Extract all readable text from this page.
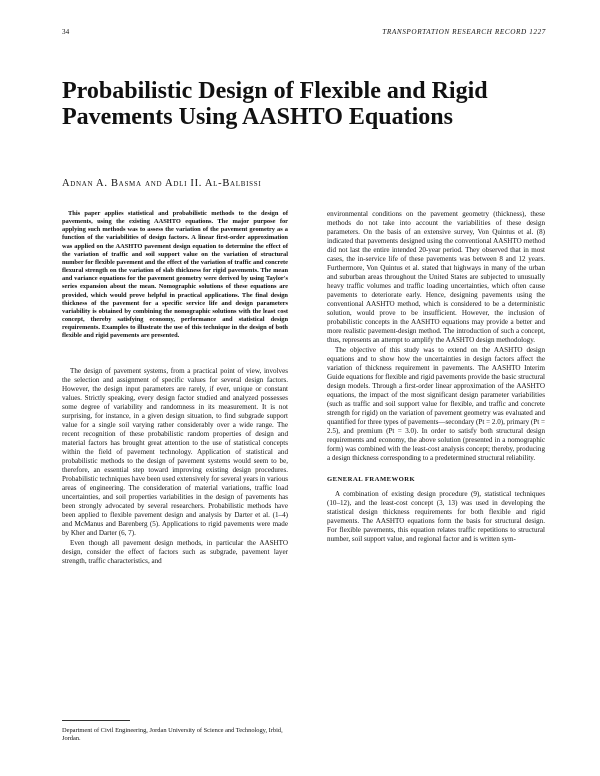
34	TRANSPORTATION RESEARCH RECORD 1227
Probabilistic Design of Flexible and Rigid Pavements Using AASHTO Equations
Adnan A. Basma and Adli II. Al-Balbissi

This paper applies statistical and probabilistic methods to the design of pavements, using the existing AASHTO equations. The major purpose for applying such methods was to assess the variation of the pavement geometry as a function of the variabilities of design factors. A linear first-order approximation was applied on the AASHTO pavement design equation to determine the effect of the variation of traffic and soil support value on the variation of structural number for flexible pavement and the effect of the variation of traffic and concrete flexural strength on the variation of slab thickness for rigid pavements. The mean and variance equations for the pavement geometry were derived by using Taylor's series expansion about the mean. Nomographic solutions of these equations are provided, which would prove helpful in practical applications. The final design thickness of the pavement for a specific service life and design parameters variability is obtained by combining the nomographic solutions with the least cost concept, thereby satisfying economy, performance and statistical design requirements. Examples to illustrate the use of this technique in the design of both flexible and rigid pavements are presented.

The design of pavement systems, from a practical point of view, involves the selection and assignment of specific values for several design factors. However, the design input parameters are rarely, if ever, unique or constant values. Strictly speaking, every design factor studied and analyzed possesses some degree of variability and randomness in its measurement. It is not surprising, for instance, in a given design situation, to find subgrade support value for a single soil varying rather considerably over a wide range. The recent recognition of these probabilistic random properties of design and material factors has brought great attention to the use of statistical concepts within the field of pavement technology. Application of statistical and probabilistic methods to the design of pavement systems would seem to be, therefore, an essential step toward improving existing design procedures. Probabilistic techniques have been used extensively for several years in various areas of engineering. The consideration of material variations, traffic load uncertainties, and soil properties variabilities in the design of pavements has been strongly advocated by several researchers. Probabilistic methods have been applied to flexible pavement design and analysis by Darter et al. (1–4) and McManus and Barenberg (5). Applications to rigid pavements were made by Kher and Darter (6, 7).

Even though all pavement design methods, in particular the AASHTO design, consider the effect of factors such as subgrade, pavement layer strength, traffic characteristics, and

environmental conditions on the pavement geometry (thickness), these methods do not take into account the variabilities of these design parameters. On the basis of an extensive survey, Von Quintus et al. (8) indicated that pavements designed using the conventional AASHTO method did not last the entire intended 20-year period. They observed that in most cases, the in-service life of these pavements was between 8 and 12 years. Furthermore, Von Quintus et al. stated that highways in many of the urban and suburban areas throughout the United States are subjected to unusually heavy traffic volumes and traffic loading uncertainties, which often cause pavements to deteriorate early. Hence, designing pavements using the conventional AASHTO method, which is considered to be a deterministic solution, would prove to be insufficient. However, the inclusion of probabilistic concepts in the AASHTO equations may provide a better and more realistic pavement-design method. The introduction of such a concept, thus, represents an attempt to amplify the AASHTO design methodology.

The objective of this study was to extend on the AASHTO design equations and to show how the uncertainties in design factors affect the variation of thickness requirement in pavements. The AASHTO Interim Guide equations for flexible and rigid pavements provide the basic structural design models. Through a first-order linear approximation of the AASHTO equations, the impact of the most significant design parameter variabilities (such as traffic and soil support value for flexible, and traffic and concrete strength for rigid) on the variation of pavement geometry was evaluated and quantified for three types of pavements—secondary (Pt = 2.0), primary (Pt = 2.5), and premium (Pt = 3.0). In order to satisfy both structural design requirements and economy, the above solution (presented in a nomographic form) was combined with the least-cost analysis concept; thereby, producing a design thickness corresponding to a predetermined structural reliability.

GENERAL FRAMEWORK

A combination of existing design procedure (9), statistical techniques (10–12), and the least-cost concept (3, 13) was used in developing the statistical design thickness requirements for both flexible and rigid pavements. The AASHTO equations form the basis for structural design. For flexible pavements, this equation relates traffic repetitions to structural number, soil support value, and regional factor and is written sym-

Department of Civil Engineering, Jordan University of Science and Technology, Irbid, Jordan.
